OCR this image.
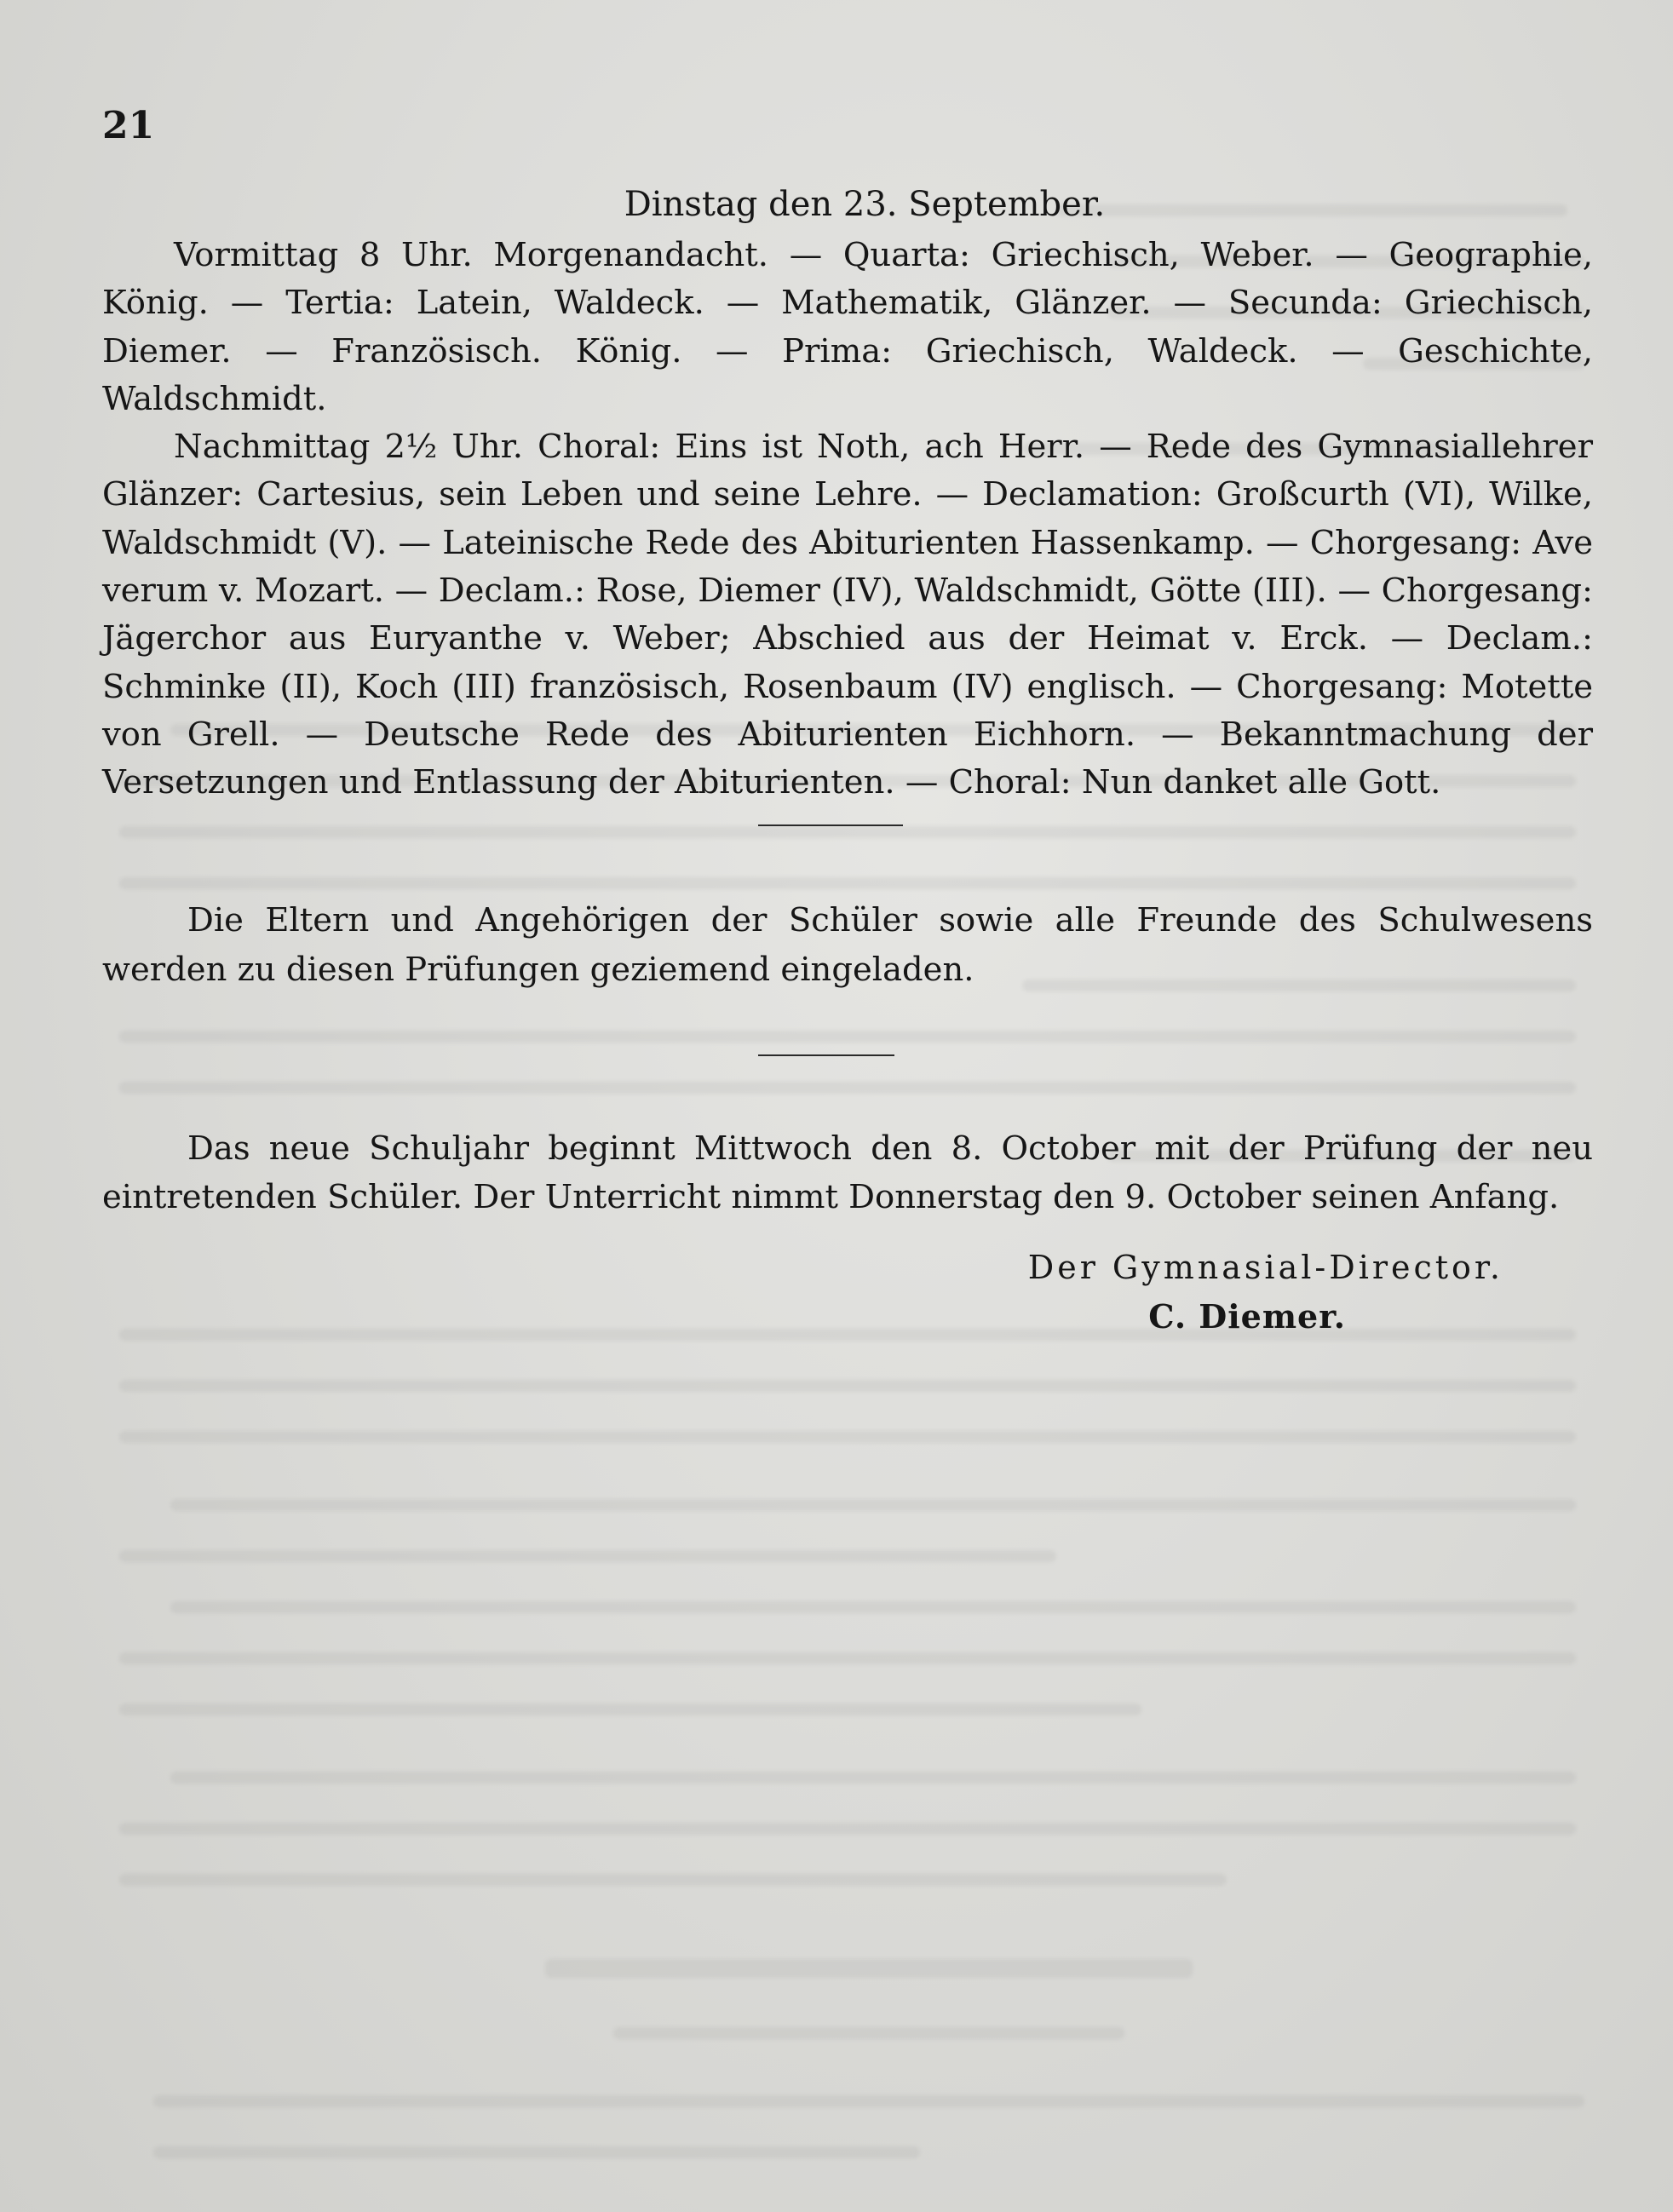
21
Dinstag den 23. September.

Vormittag 8 Uhr. Morgenandacht. — Quarta: Griechisch, Weber. — Geographie, König. — Tertia: Latein, Waldeck. — Mathematik, Glänzer. — Secunda: Griechisch, Diemer. — Französisch. König. — Prima: Griechisch, Waldeck. — Geschichte, Waldschmidt.

Nachmittag 2½ Uhr. Choral: Eins ist Noth, ach Herr. — Rede des Gymnasiallehrer Glänzer: Cartesius, sein Leben und seine Lehre. — Declamation: Großcurth (VI), Wilke, Waldschmidt (V). — Lateinische Rede des Abiturienten Hassenkamp. — Chorgesang: Ave verum v. Mozart. — Declam.: Rose, Diemer (IV), Waldschmidt, Götte (III). — Chorgesang: Jägerchor aus Euryanthe v. Weber; Abschied aus der Heimat v. Erck. — Declam.: Schminke (II), Koch (III) französisch, Rosenbaum (IV) englisch. — Chorgesang: Motette von Grell. — Deutsche Rede des Abiturienten Eichhorn. — Bekanntmachung der Versetzungen und Entlassung der Abiturienten. — Choral: Nun danket alle Gott.

Die Eltern und Angehörigen der Schüler sowie alle Freunde des Schulwesens werden zu diesen Prüfungen geziemend eingeladen.

Das neue Schuljahr beginnt Mittwoch den 8. October mit der Prüfung der neu eintretenden Schüler. Der Unterricht nimmt Donnerstag den 9. October seinen Anfang.

Der Gymnasial-Director.
C. Diemer.
